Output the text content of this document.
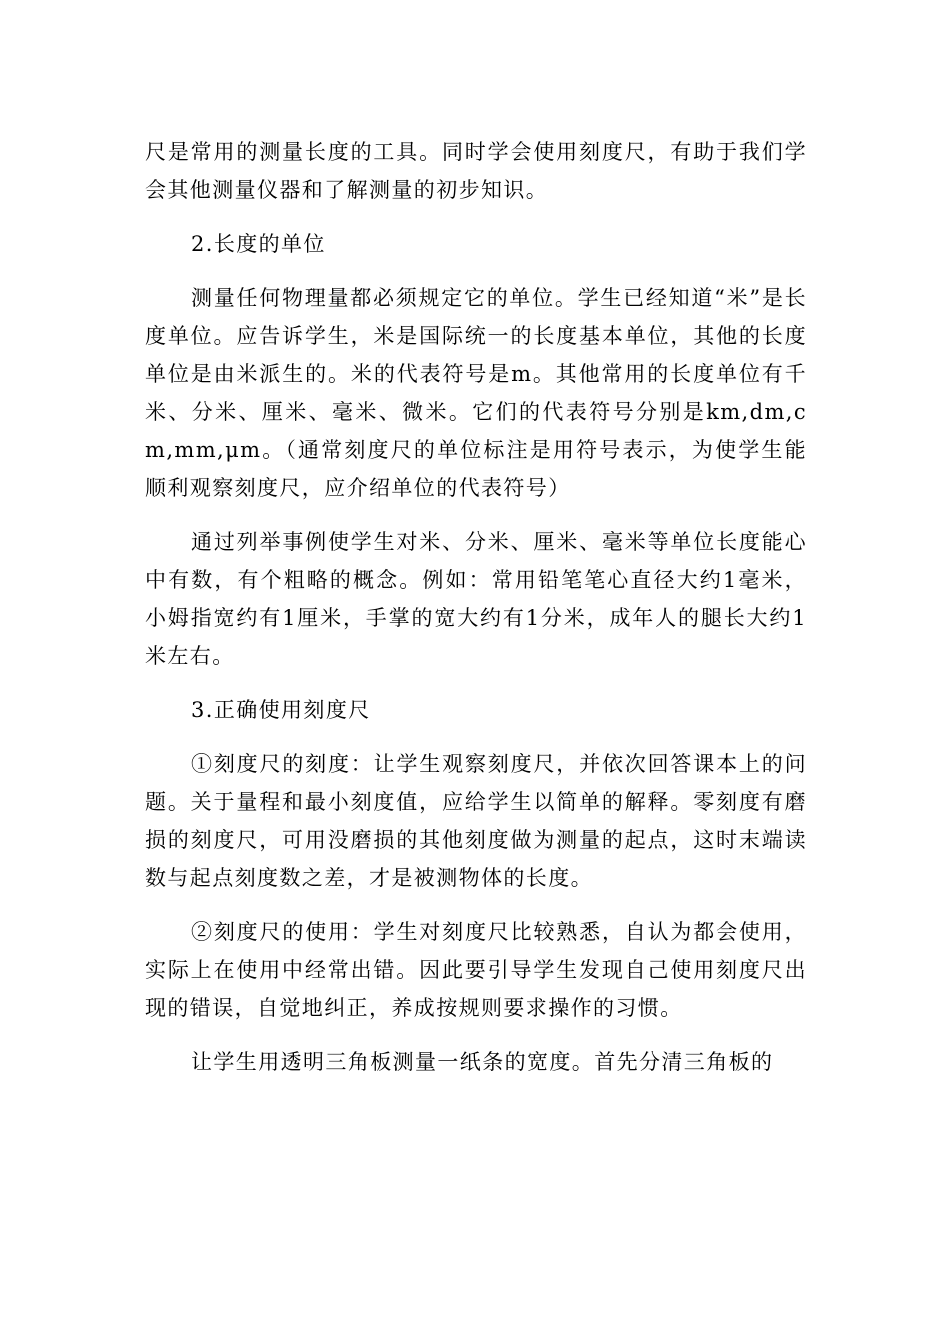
尺是常用的测量长度的工具。同时学会使用刻度尺，有助于我们学会其他测量仪器和了解测量的初步知识。

2.长度的单位

测量任何物理量都必须规定它的单位。学生已经知道“米”是长度单位。应告诉学生，米是国际统一的长度基本单位，其他的长度单位是由米派生的。米的代表符号是m。其他常用的长度单位有千米、分米、厘米、毫米、微米。它们的代表符号分别是km,dm,cm,mm,μm。（通常刻度尺的单位标注是用符号表示，为使学生能顺利观察刻度尺，应介绍单位的代表符号）

通过列举事例使学生对米、分米、厘米、毫米等单位长度能心中有数，有个粗略的概念。例如：常用铅笔笔心直径大约1毫米，小姆指宽约有1厘米，手掌的宽大约有1分米，成年人的腿长大约1米左右。

3.正确使用刻度尺

①刻度尺的刻度：让学生观察刻度尺，并依次回答课本上的问题。关于量程和最小刻度值，应给学生以简单的解释。零刻度有磨损的刻度尺，可用没磨损的其他刻度做为测量的起点，这时末端读数与起点刻度数之差，才是被测物体的长度。

②刻度尺的使用：学生对刻度尺比较熟悉，自认为都会使用，实际上在使用中经常出错。因此要引导学生发现自己使用刻度尺出现的错误，自觉地纠正，养成按规则要求操作的习惯。

让学生用透明三角板测量一纸条的宽度。首先分清三角板的
